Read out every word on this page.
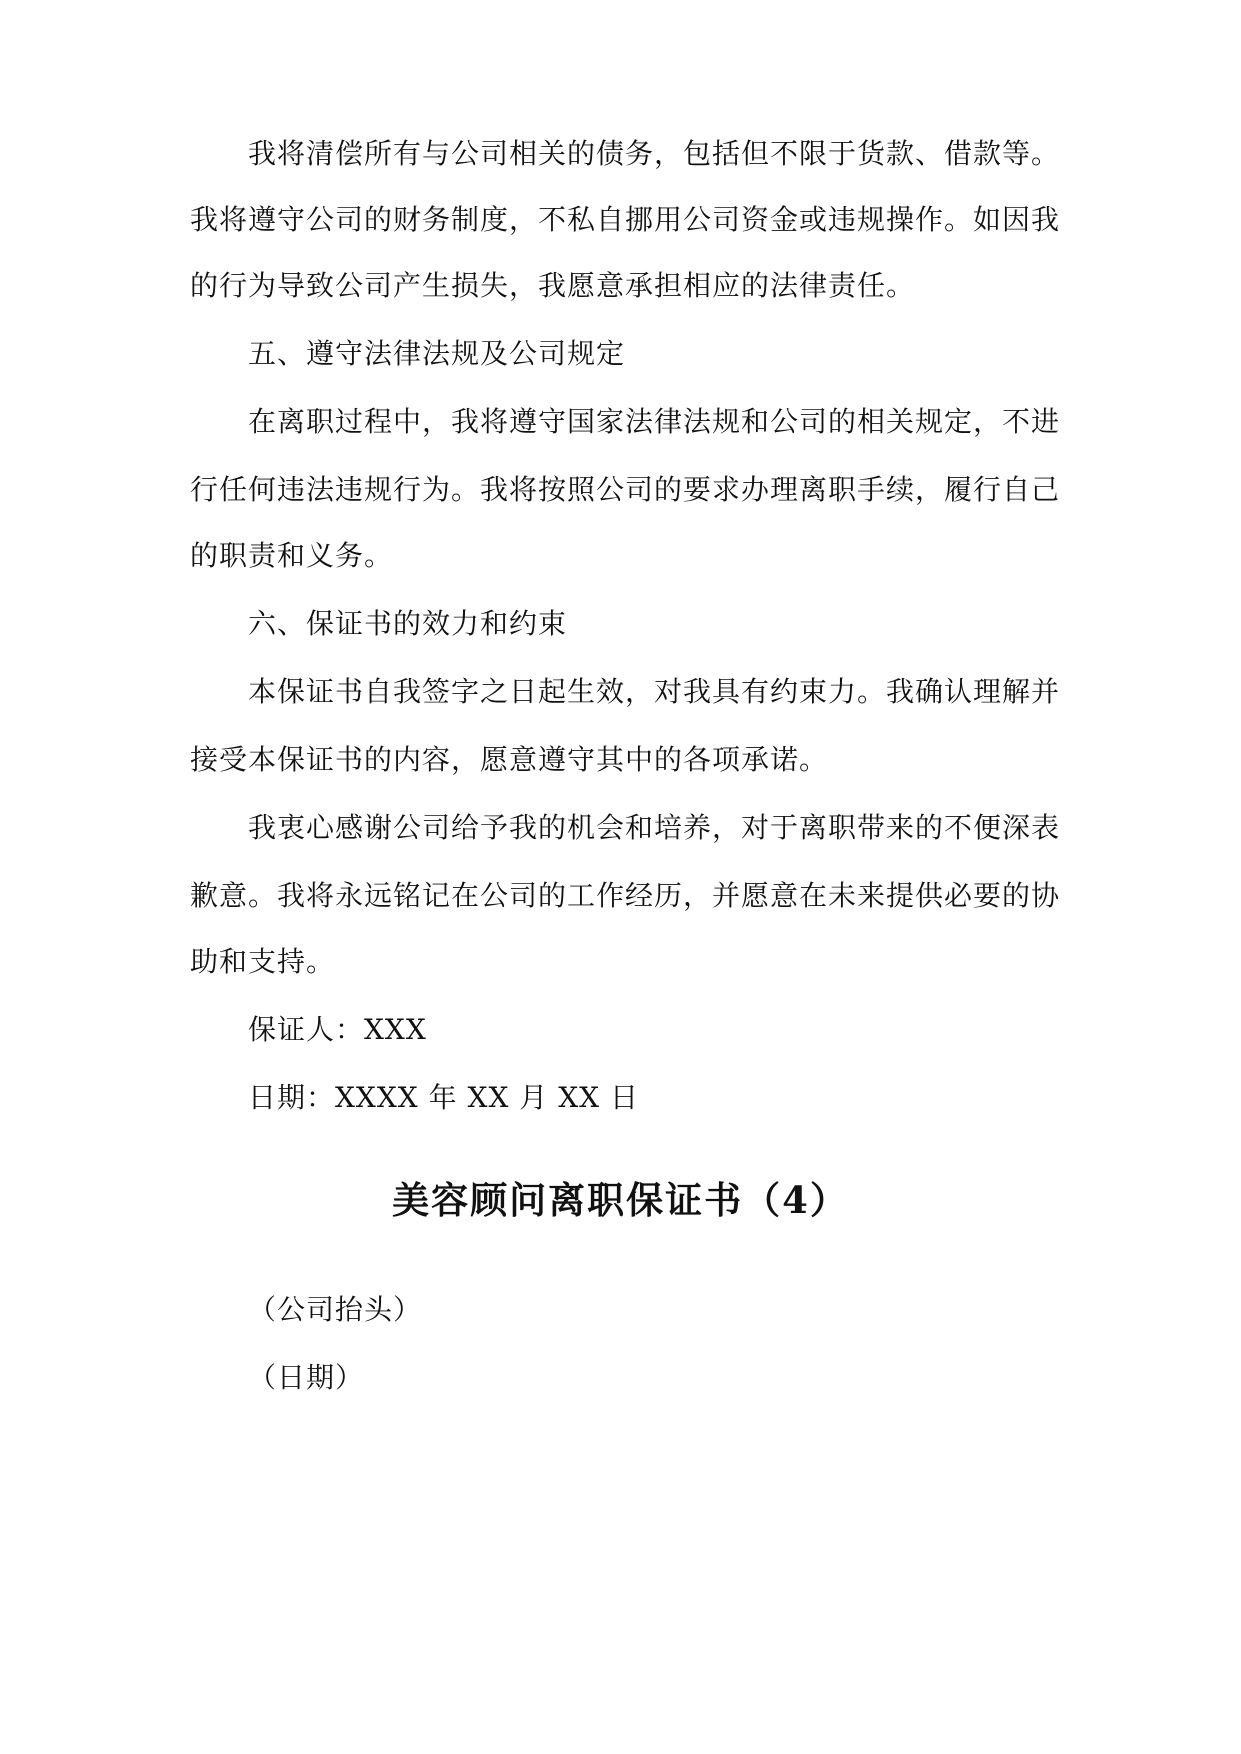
我将清偿所有与公司相关的债务，包括但不限于货款、借款等。
我将遵守公司的财务制度，不私自挪用公司资金或违规操作。如因我
的行为导致公司产生损失，我愿意承担相应的法律责任。
五、遵守法律法规及公司规定
在离职过程中，我将遵守国家法律法规和公司的相关规定，不进
行任何违法违规行为。我将按照公司的要求办理离职手续，履行自己
的职责和义务。
六、保证书的效力和约束
本保证书自我签字之日起生效，对我具有约束力。我确认理解并
接受本保证书的内容，愿意遵守其中的各项承诺。
我衷心感谢公司给予我的机会和培养，对于离职带来的不便深表
歉意。我将永远铭记在公司的工作经历，并愿意在未来提供必要的协
助和支持。
保证人：XXX
日期：XXXX 年 XX 月 XX 日
美容顾问离职保证书（4）
（公司抬头）
（日期）
